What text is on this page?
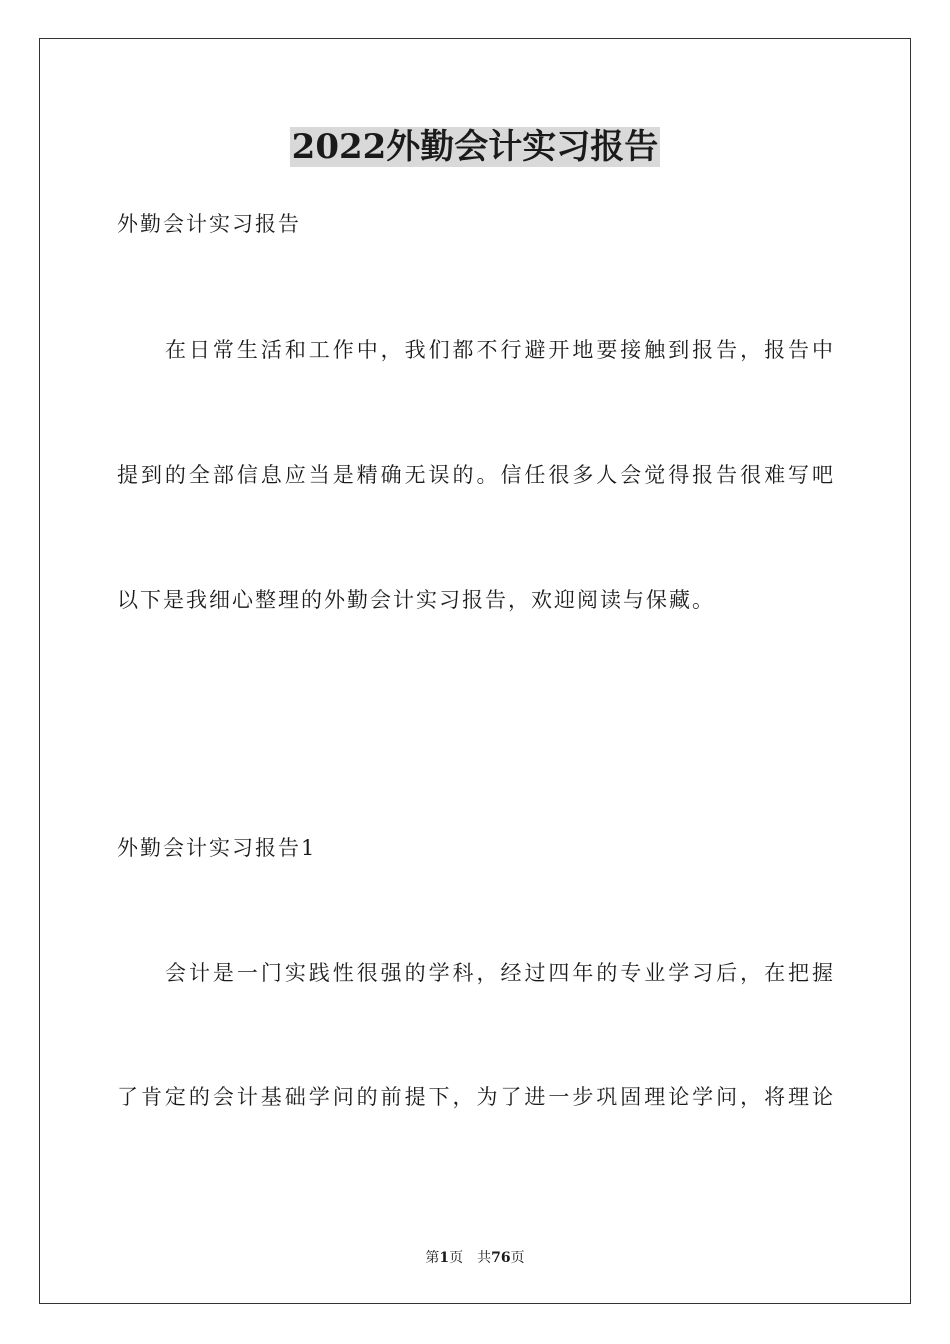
2022外勤会计实习报告
外勤会计实习报告
在日常生活和工作中，我们都不行避开地要接触到报告，报告中
提到的全部信息应当是精确无误的。信任很多人会觉得报告很难写吧
以下是我细心整理的外勤会计实习报告，欢迎阅读与保藏。
外勤会计实习报告1
会计是一门实践性很强的学科，经过四年的专业学习后，在把握
了肯定的会计基础学问的前提下，为了进一步巩固理论学问，将理论
第1页 共76页
